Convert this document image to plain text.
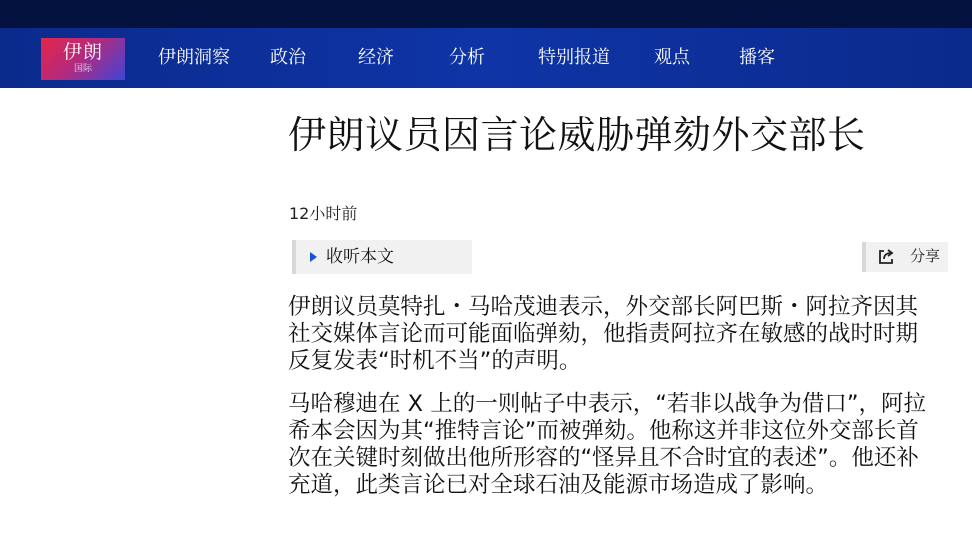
伊朗
国际
伊朗洞察 政治	经济	分析	特别报道 观点	播客
伊朗议员因言论威胁弹劾外交部长
12小时前
收听本文	分享

伊朗议员莫特扎・马哈茂迪表示，外交部长阿巴斯・阿拉齐因其社交媒体言论而可能面临弹劾，他指责阿拉齐在敏感的战时时期反复发表“时机不当”的声明。

马哈穆迪在 X 上的一则帖子中表示，“若非以战争为借口”，阿拉希本会因为其“推特言论”而被弹劾。他称这并非这位外交部长首次在关键时刻做出他所形容的“怪异且不合时宜的表述”。他还补充道，此类言论已对全球石油及能源市场造成了影响。
